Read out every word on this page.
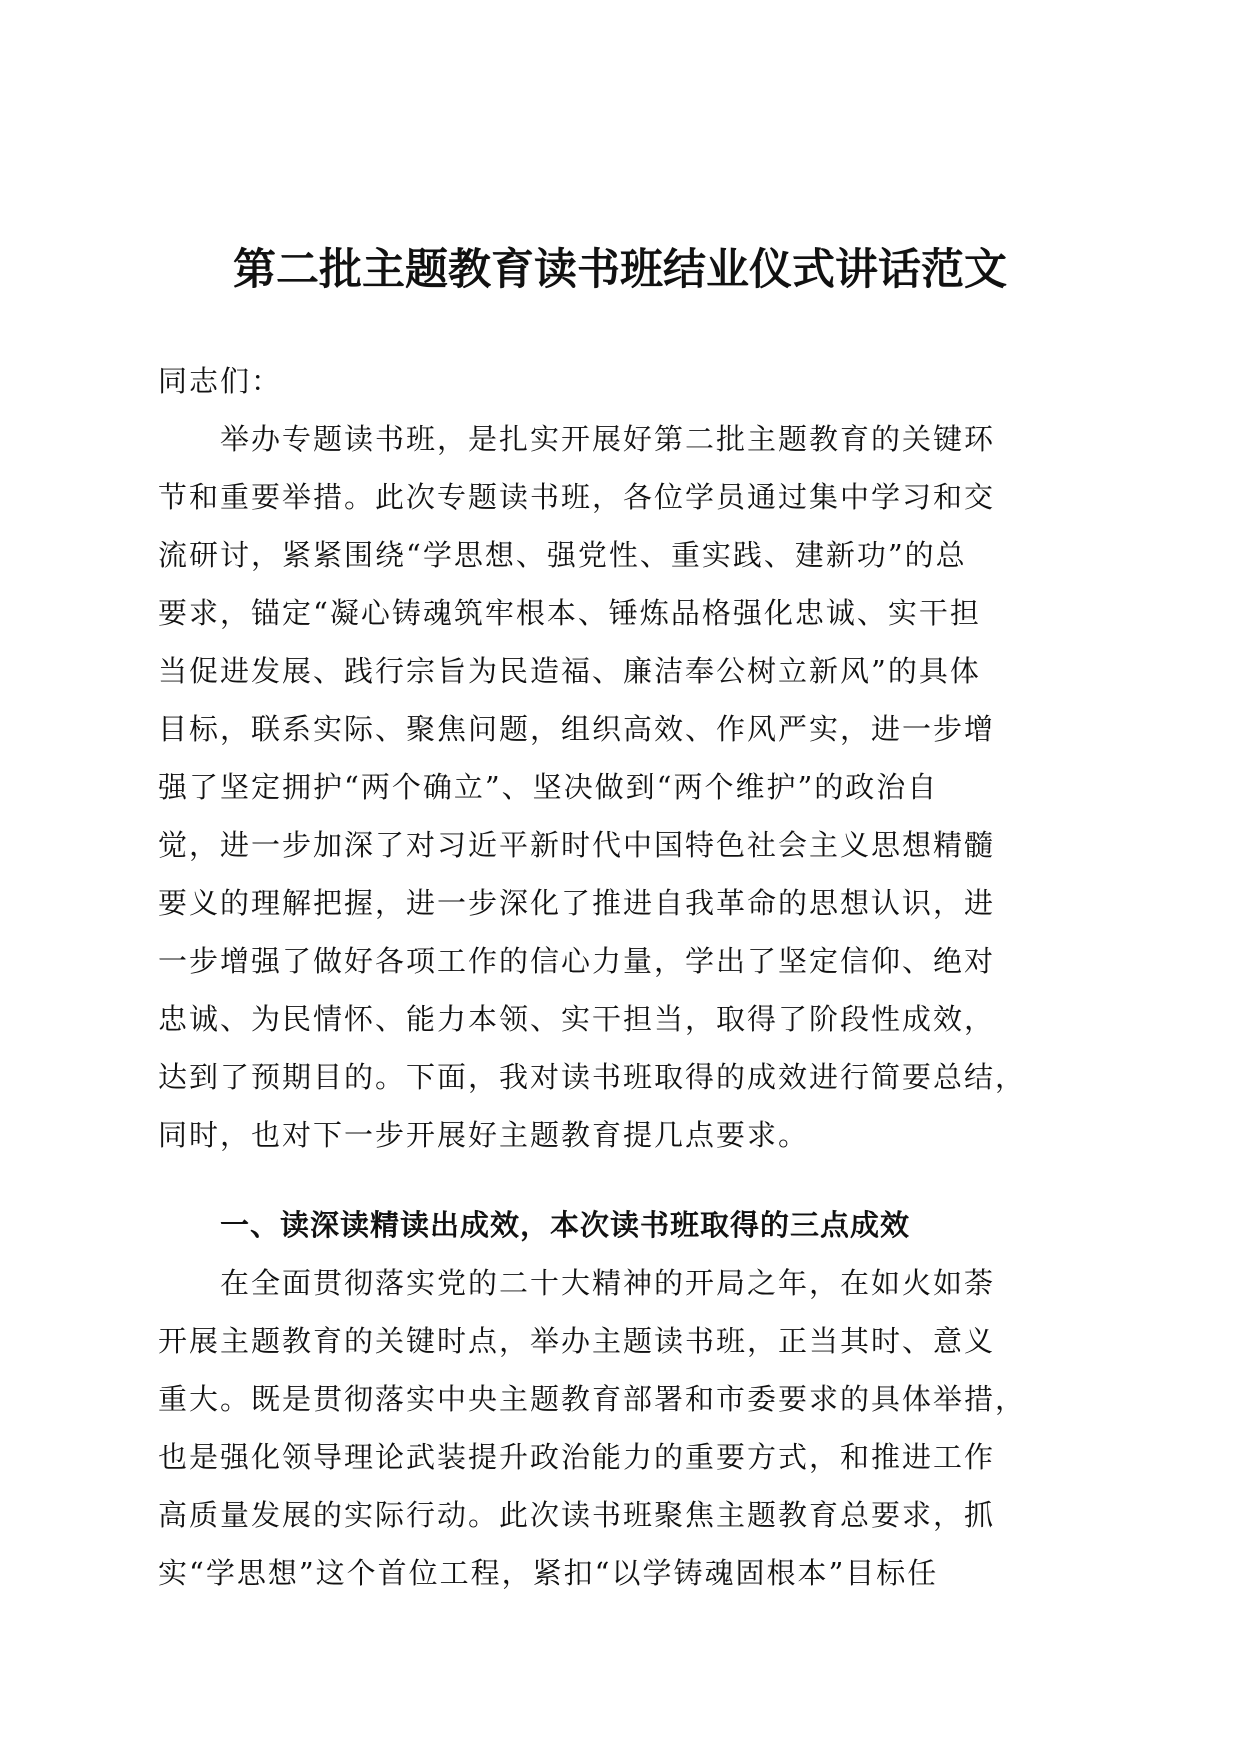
第二批主题教育读书班结业仪式讲话范文
同志们：
举办专题读书班，是扎实开展好第二批主题教育的关键环
节和重要举措。此次专题读书班，各位学员通过集中学习和交
流研讨，紧紧围绕“学思想、强党性、重实践、建新功”的总
要求，锚定“凝心铸魂筑牢根本、锤炼品格强化忠诚、实干担
当促进发展、践行宗旨为民造福、廉洁奉公树立新风”的具体
目标，联系实际、聚焦问题，组织高效、作风严实，进一步增
强了坚定拥护“两个确立”、坚决做到“两个维护”的政治自
觉，进一步加深了对习近平新时代中国特色社会主义思想精髓
要义的理解把握，进一步深化了推进自我革命的思想认识，进
一步增强了做好各项工作的信心力量，学出了坚定信仰、绝对
忠诚、为民情怀、能力本领、实干担当，取得了阶段性成效，
达到了预期目的。下面，我对读书班取得的成效进行简要总结，
同时，也对下一步开展好主题教育提几点要求。
一、读深读精读出成效，本次读书班取得的三点成效
在全面贯彻落实党的二十大精神的开局之年，在如火如荼
开展主题教育的关键时点，举办主题读书班，正当其时、意义
重大。既是贯彻落实中央主题教育部署和市委要求的具体举措，
也是强化领导理论武装提升政治能力的重要方式，和推进工作
高质量发展的实际行动。此次读书班聚焦主题教育总要求，抓
实“学思想”这个首位工程，紧扣“以学铸魂固根本”目标任
